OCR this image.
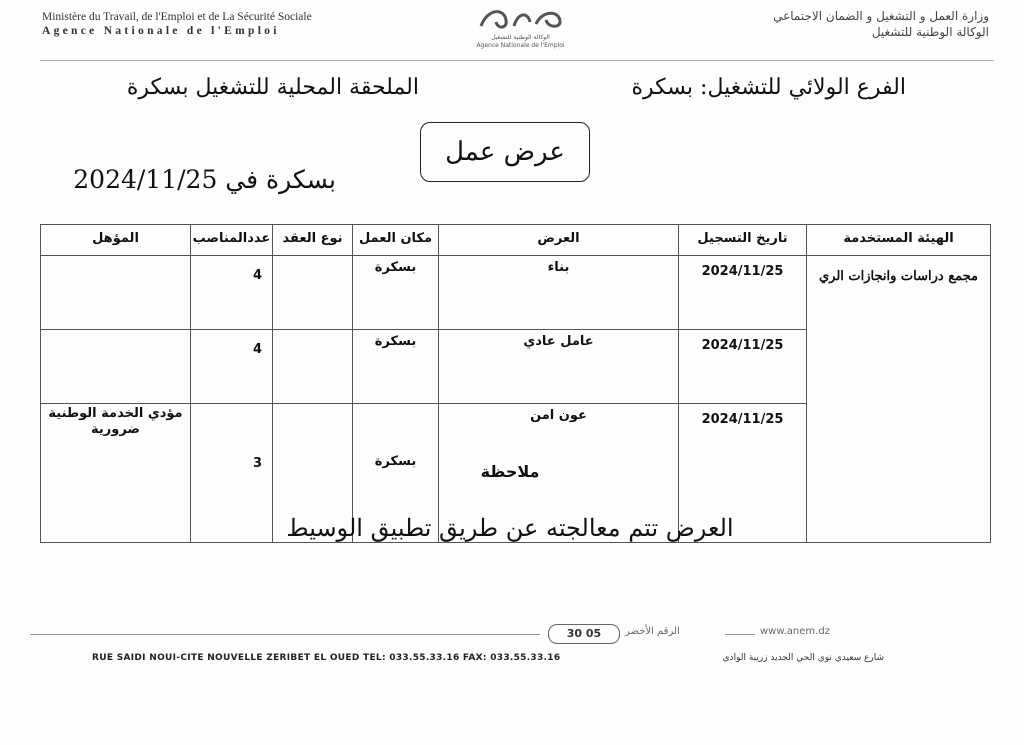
Ministère du Travail, de l'Emploi et de La Sécurité Sociale
Agence Nationale de l'Emploi
الوكالة الوطنية للتشغيل
Agence Nationale de l'Emploi
وزارة العمل و التشغيل و الضمان الاجتماعي
الوكالة الوطنية للتشغيل
الفرع الولائي للتشغيل: بسكرة
الملحقة المحلية للتشغيل بسكرة
عرض عمل
بسكرة في 2024/11/25
الهيئة المستخدمة	تاريخ التسجيل	العرض	مكان العمل	نوع العقد	عددالمناصب	المؤهل
مجمع دراسات وانجازات الري	2024/11/25	بناء	بسكرة		4	
	2024/11/25	عامل عادي	بسكرة		4	
	2024/11/25	عون امن	بسكرة		3	مؤدي الخدمة الوطنية ضرورية
ملاحظة
العرض تتم معالجته عن طريق تطبيق الوسيط
30 05	الرقم الأخضر	www.anem.dz
RUE SAIDI NOUI-CITE NOUVELLE ZERIBET EL OUED TEL: 033.55.33.16 FAX: 033.55.33.16	شارع سعيدي نوي الحي الجديد زريبة الوادي
